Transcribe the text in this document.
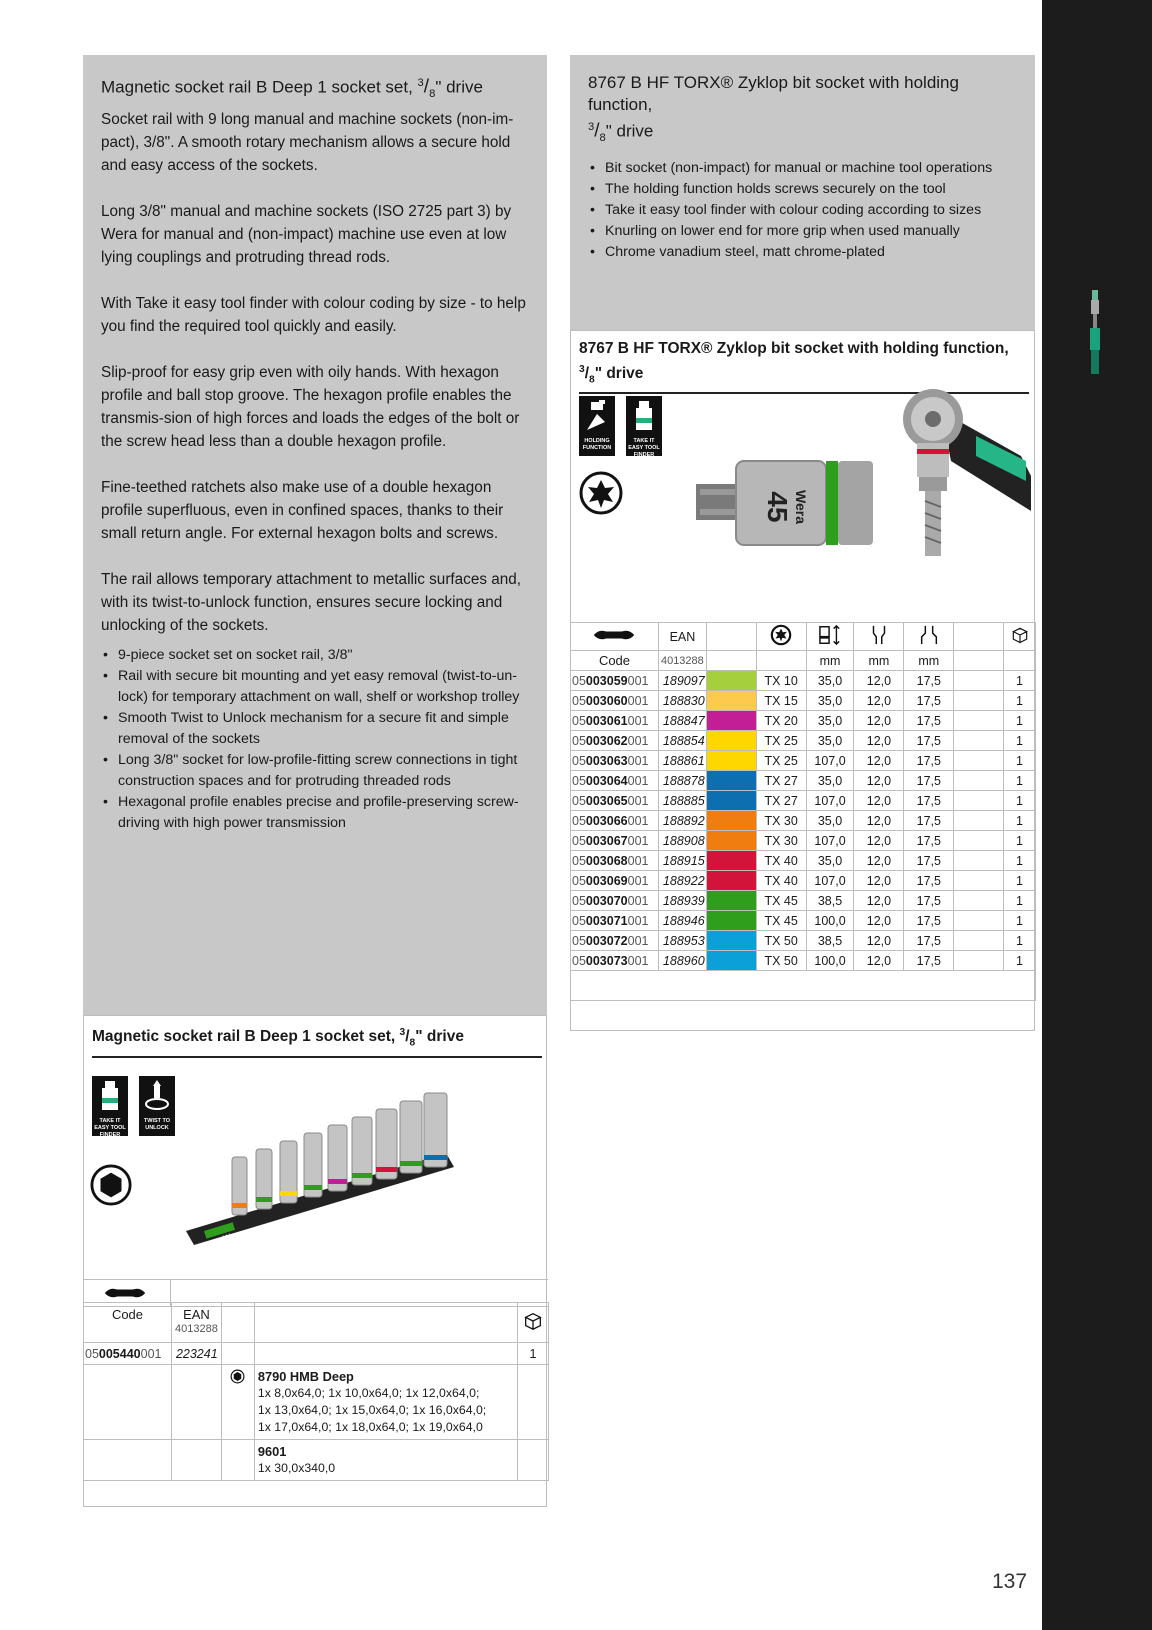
137
Magnetic socket rail B Deep 1 socket set, $^3/_8$" drive

Socket rail with 9 long manual and machine sockets (non-im-pact), 3/8". A smooth rotary mechanism allows a secure hold and easy access of the sockets.

Long 3/8" manual and machine sockets (ISO 2725 part 3) by Wera for manual and (non-impact) machine use even at low lying couplings and protruding thread rods.

With Take it easy tool finder with colour coding by size - to help you find the required tool quickly and easily.

Slip-proof for easy grip even with oily hands. With hexagon profile and ball stop groove. The hexagon profile enables the transmis-sion of high forces and loads the edges of the bolt or the screw head less than a double hexagon profile.

Fine-teethed ratchets also make use of a double hexagon profile superfluous, even in confined spaces, thanks to their small return angle. For external hexagon bolts and screws.

The rail allows temporary attachment to metallic surfaces and, with its twist-to-unlock function, ensures secure locking and unlocking of the sockets.

• 9-piece socket set on socket rail, 3/8"
• Rail with secure bit mounting and yet easy removal (twist-to-un-lock) for temporary attachment on wall, shelf or workshop trolley
• Smooth Twist to Unlock mechanism for a secure fit and simple removal of the sockets
• Long 3/8" socket for low-profile-fitting screw connections in tight construction spaces and for protruding threaded rods
• Hexagonal profile enables precise and profile-preserving screw-driving with high power transmission
8767 B HF TORX® Zyklop bit socket with holding function,
$^3/_8$" drive
• Bit socket (non-impact) for manual or machine tool operations
• The holding function holds screws securely on the tool
• Take it easy tool finder with colour coding according to sizes
• Knurling on lower end for more grip when used manually
• Chrome vanadium steel, matt chrome-plated
8767 B HF TORX® Zyklop bit socket with holding function, $^3/_8$" drive
HOLDING FUNCTION
TAKE IT EASY TOOL FINDER
45 Wera
	EAN							
Code	4013288			mm	mm	mm		
05003059001	189097		TX 10	35,0	12,0	17,5		1
05003060001	188830		TX 15	35,0	12,0	17,5		1
05003061001	188847		TX 20	35,0	12,0	17,5		1
05003062001	188854		TX 25	35,0	12,0	17,5		1
05003063001	188861		TX 25	107,0	12,0	17,5		1
05003064001	188878		TX 27	35,0	12,0	17,5		1
05003065001	188885		TX 27	107,0	12,0	17,5		1
05003066001	188892		TX 30	35,0	12,0	17,5		1
05003067001	188908		TX 30	107,0	12,0	17,5		1
05003068001	188915		TX 40	35,0	12,0	17,5		1
05003069001	188922		TX 40	107,0	12,0	17,5		1
05003070001	188939		TX 45	38,5	12,0	17,5		1
05003071001	188946		TX 45	100,0	12,0	17,5		1
05003072001	188953		TX 50	38,5	12,0	17,5		1
05003073001	188960		TX 50	100,0	12,0	17,5		1

Magnetic socket rail B Deep 1 socket set, $^3/_8$" drive
TAKE IT EASY TOOL FINDER
TWIST TO UNLOCK
Wera
Code	EAN
4013288

05005440001	223241			1

8790 HMB Deep
1x 8,0x64,0; 1x 10,0x64,0; 1x 12,0x64,0;
1x 13,0x64,0; 1x 15,0x64,0; 1x 16,0x64,0;
1x 17,0x64,0; 1x 18,0x64,0; 1x 19,0x64,0	

			9601
1x 30,0x340,0	
